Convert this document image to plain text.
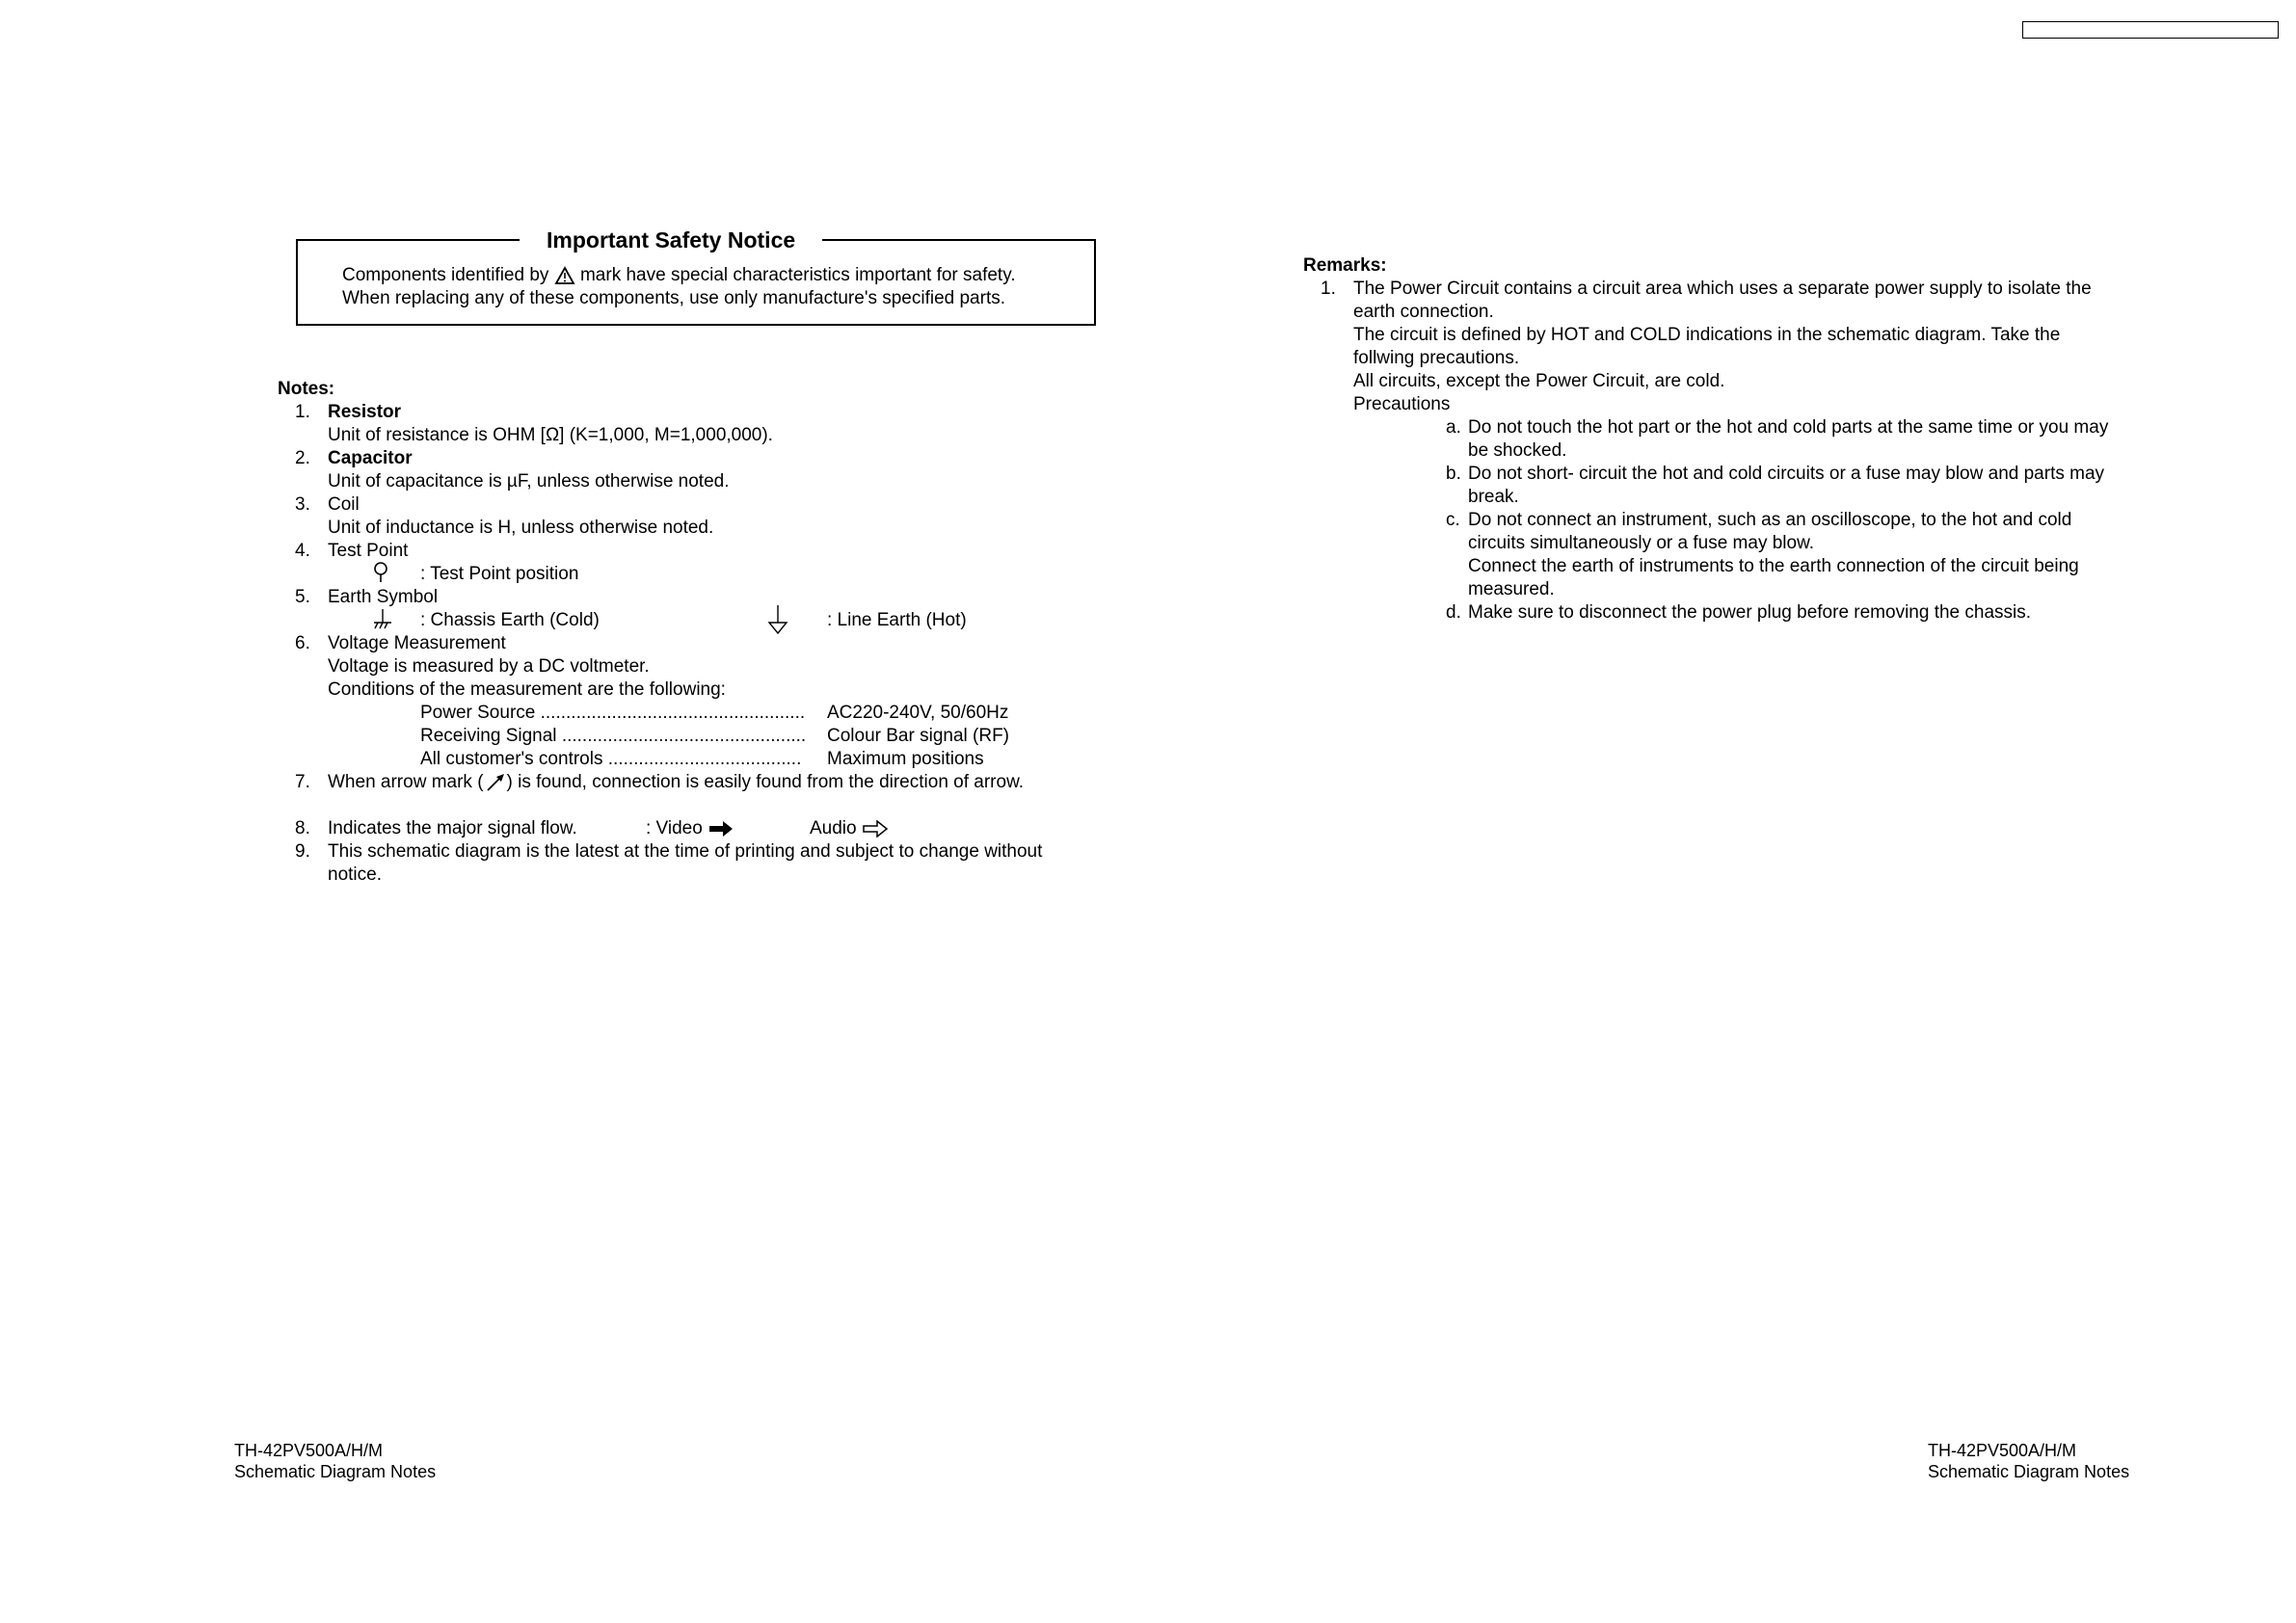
Important Safety Notice
Components identified by mark have special characteristics important for safety.
When replacing any of these components, use only manufacture's specified parts.
Notes:
1. Resistor
Unit of resistance is OHM [Ω] (K=1,000, M=1,000,000).
2. Capacitor
Unit of capacitance is µF, unless otherwise noted.
3. Coil
Unit of inductance is H, unless otherwise noted.
4. Test Point
: Test Point position
5. Earth Symbol
: Chassis Earth (Cold)	: Line Earth (Hot)
6. Voltage Measurement
Voltage is measured by a DC voltmeter.
Conditions of the measurement are the following:
Power Source .................................................... AC220-240V, 50/60Hz
Receiving Signal ................................................ Colour Bar signal (RF)
All customer's controls ...................................... Maximum positions
7. When arrow mark ( ) is found, connection is easily found from the direction of arrow.
8. Indicates the major signal flow.	: Video	Audio
9. This schematic diagram is the latest at the time of printing and subject to change without
notice.
Remarks:
1. The Power Circuit contains a circuit area which uses a separate power supply to isolate the
earth connection.
The circuit is defined by HOT and COLD indications in the schematic diagram. Take the
follwing precautions.
All circuits, except the Power Circuit, are cold.
Precautions
a. Do not touch the hot part or the hot and cold parts at the same time or you may
be shocked.
b. Do not short- circuit the hot and cold circuits or a fuse may blow and parts may
break.
c. Do not connect an instrument, such as an oscilloscope, to the hot and cold
circuits simultaneously or a fuse may blow.
Connect the earth of instruments to the earth connection of the circuit being
measured.
d. Make sure to disconnect the power plug before removing the chassis.
TH-42PV500A/H/M
Schematic Diagram Notes
TH-42PV500A/H/M
Schematic Diagram Notes
